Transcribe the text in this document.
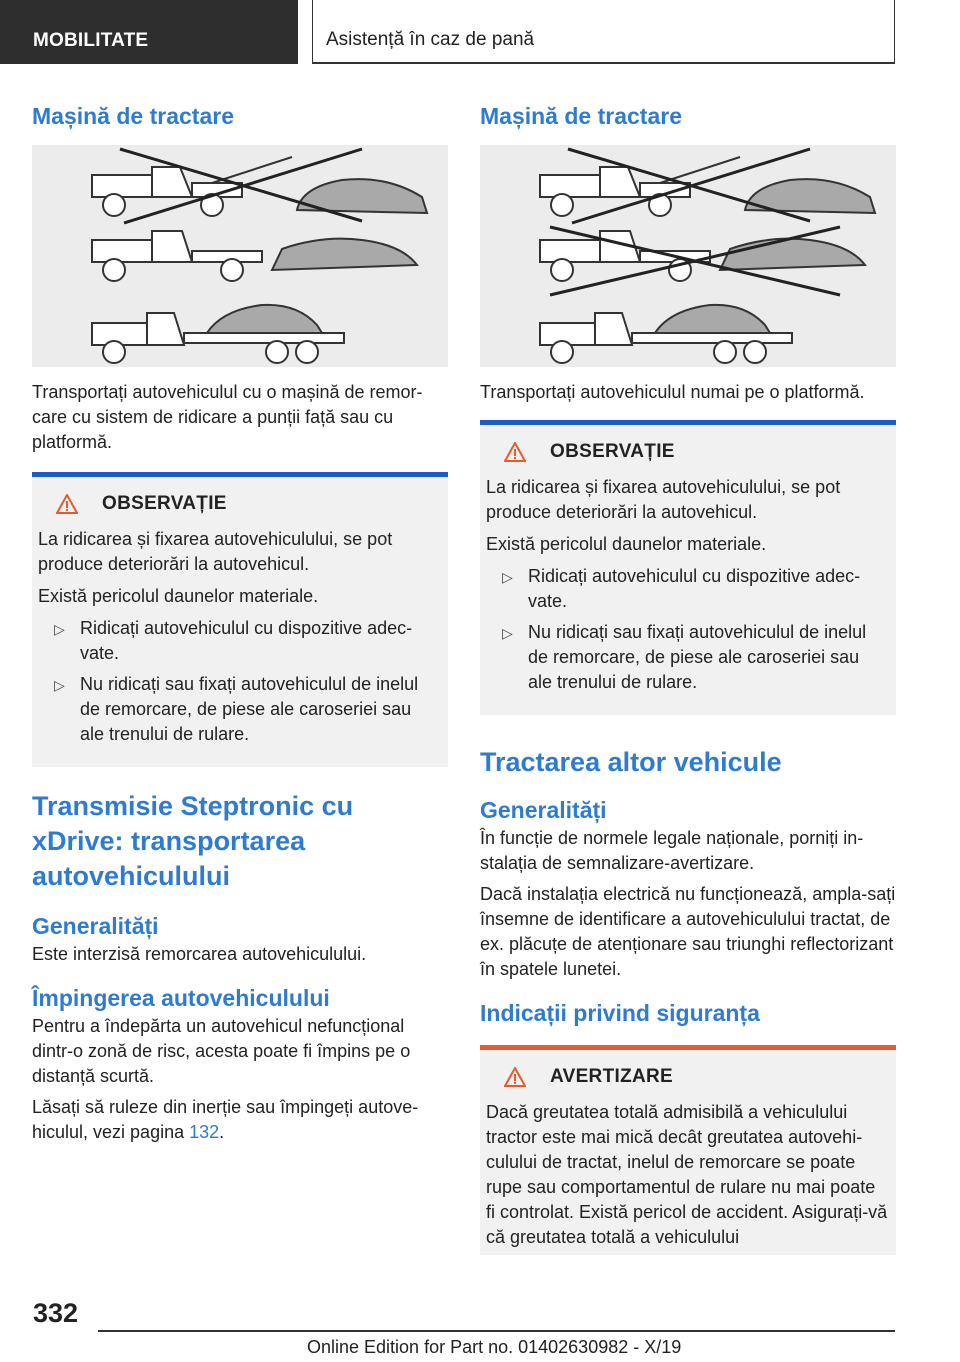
MOBILITATE	Asistență în caz de pană
Mașină de tractare

Transportați autovehiculul cu o mașină de remor-care cu sistem de ridicare a punții față sau cu platformă.

OBSERVAȚIE

La ridicarea și fixarea autovehiculului, se pot produce deteriorări la autovehicul.

Există pericolul daunelor materiale.

▷ Ridicați autovehiculul cu dispozitive adec-vate.
▷ Nu ridicați sau fixați autovehiculul de inelul de remorcare, de piese ale caroseriei sau ale trenului de rulare.
Transmisie Steptronic cu xDrive: transportarea autovehiculului
Generalități

Este interzisă remorcarea autovehiculului.

Împingerea autovehiculului

Pentru a îndepărta un autovehicul nefuncțional dintr-o zonă de risc, acesta poate fi împins pe o distanță scurtă.

Lăsați să ruleze din inerție sau împingeți autove-hiculul, vezi pagina 132.

Mașină de tractare

Transportați autovehiculul numai pe o platformă.

OBSERVAȚIE

La ridicarea și fixarea autovehiculului, se pot produce deteriorări la autovehicul.

Există pericolul daunelor materiale.

▷ Ridicați autovehiculul cu dispozitive adec-vate.
▷ Nu ridicați sau fixați autovehiculul de inelul de remorcare, de piese ale caroseriei sau ale trenului de rulare.
Tractarea altor vehicule
Generalități

În funcție de normele legale naționale, porniți in-stalația de semnalizare-avertizare.

Dacă instalația electrică nu funcționează, ampla-sați însemne de identificare a autovehiculului tractat, de ex. plăcuțe de atenționare sau triunghi reflectorizant în spatele lunetei.

Indicații privind siguranța
AVERTIZARE

Dacă greutatea totală admisibilă a vehiculului tractor este mai mică decât greutatea autovehi-culului de tractat, inelul de remorcare se poate rupe sau comportamentul de rulare nu mai poate fi controlat. Există pericol de accident. Asigurați-vă că greutatea totală a vehiculului

332
Online Edition for Part no. 01402630982 - X/19
